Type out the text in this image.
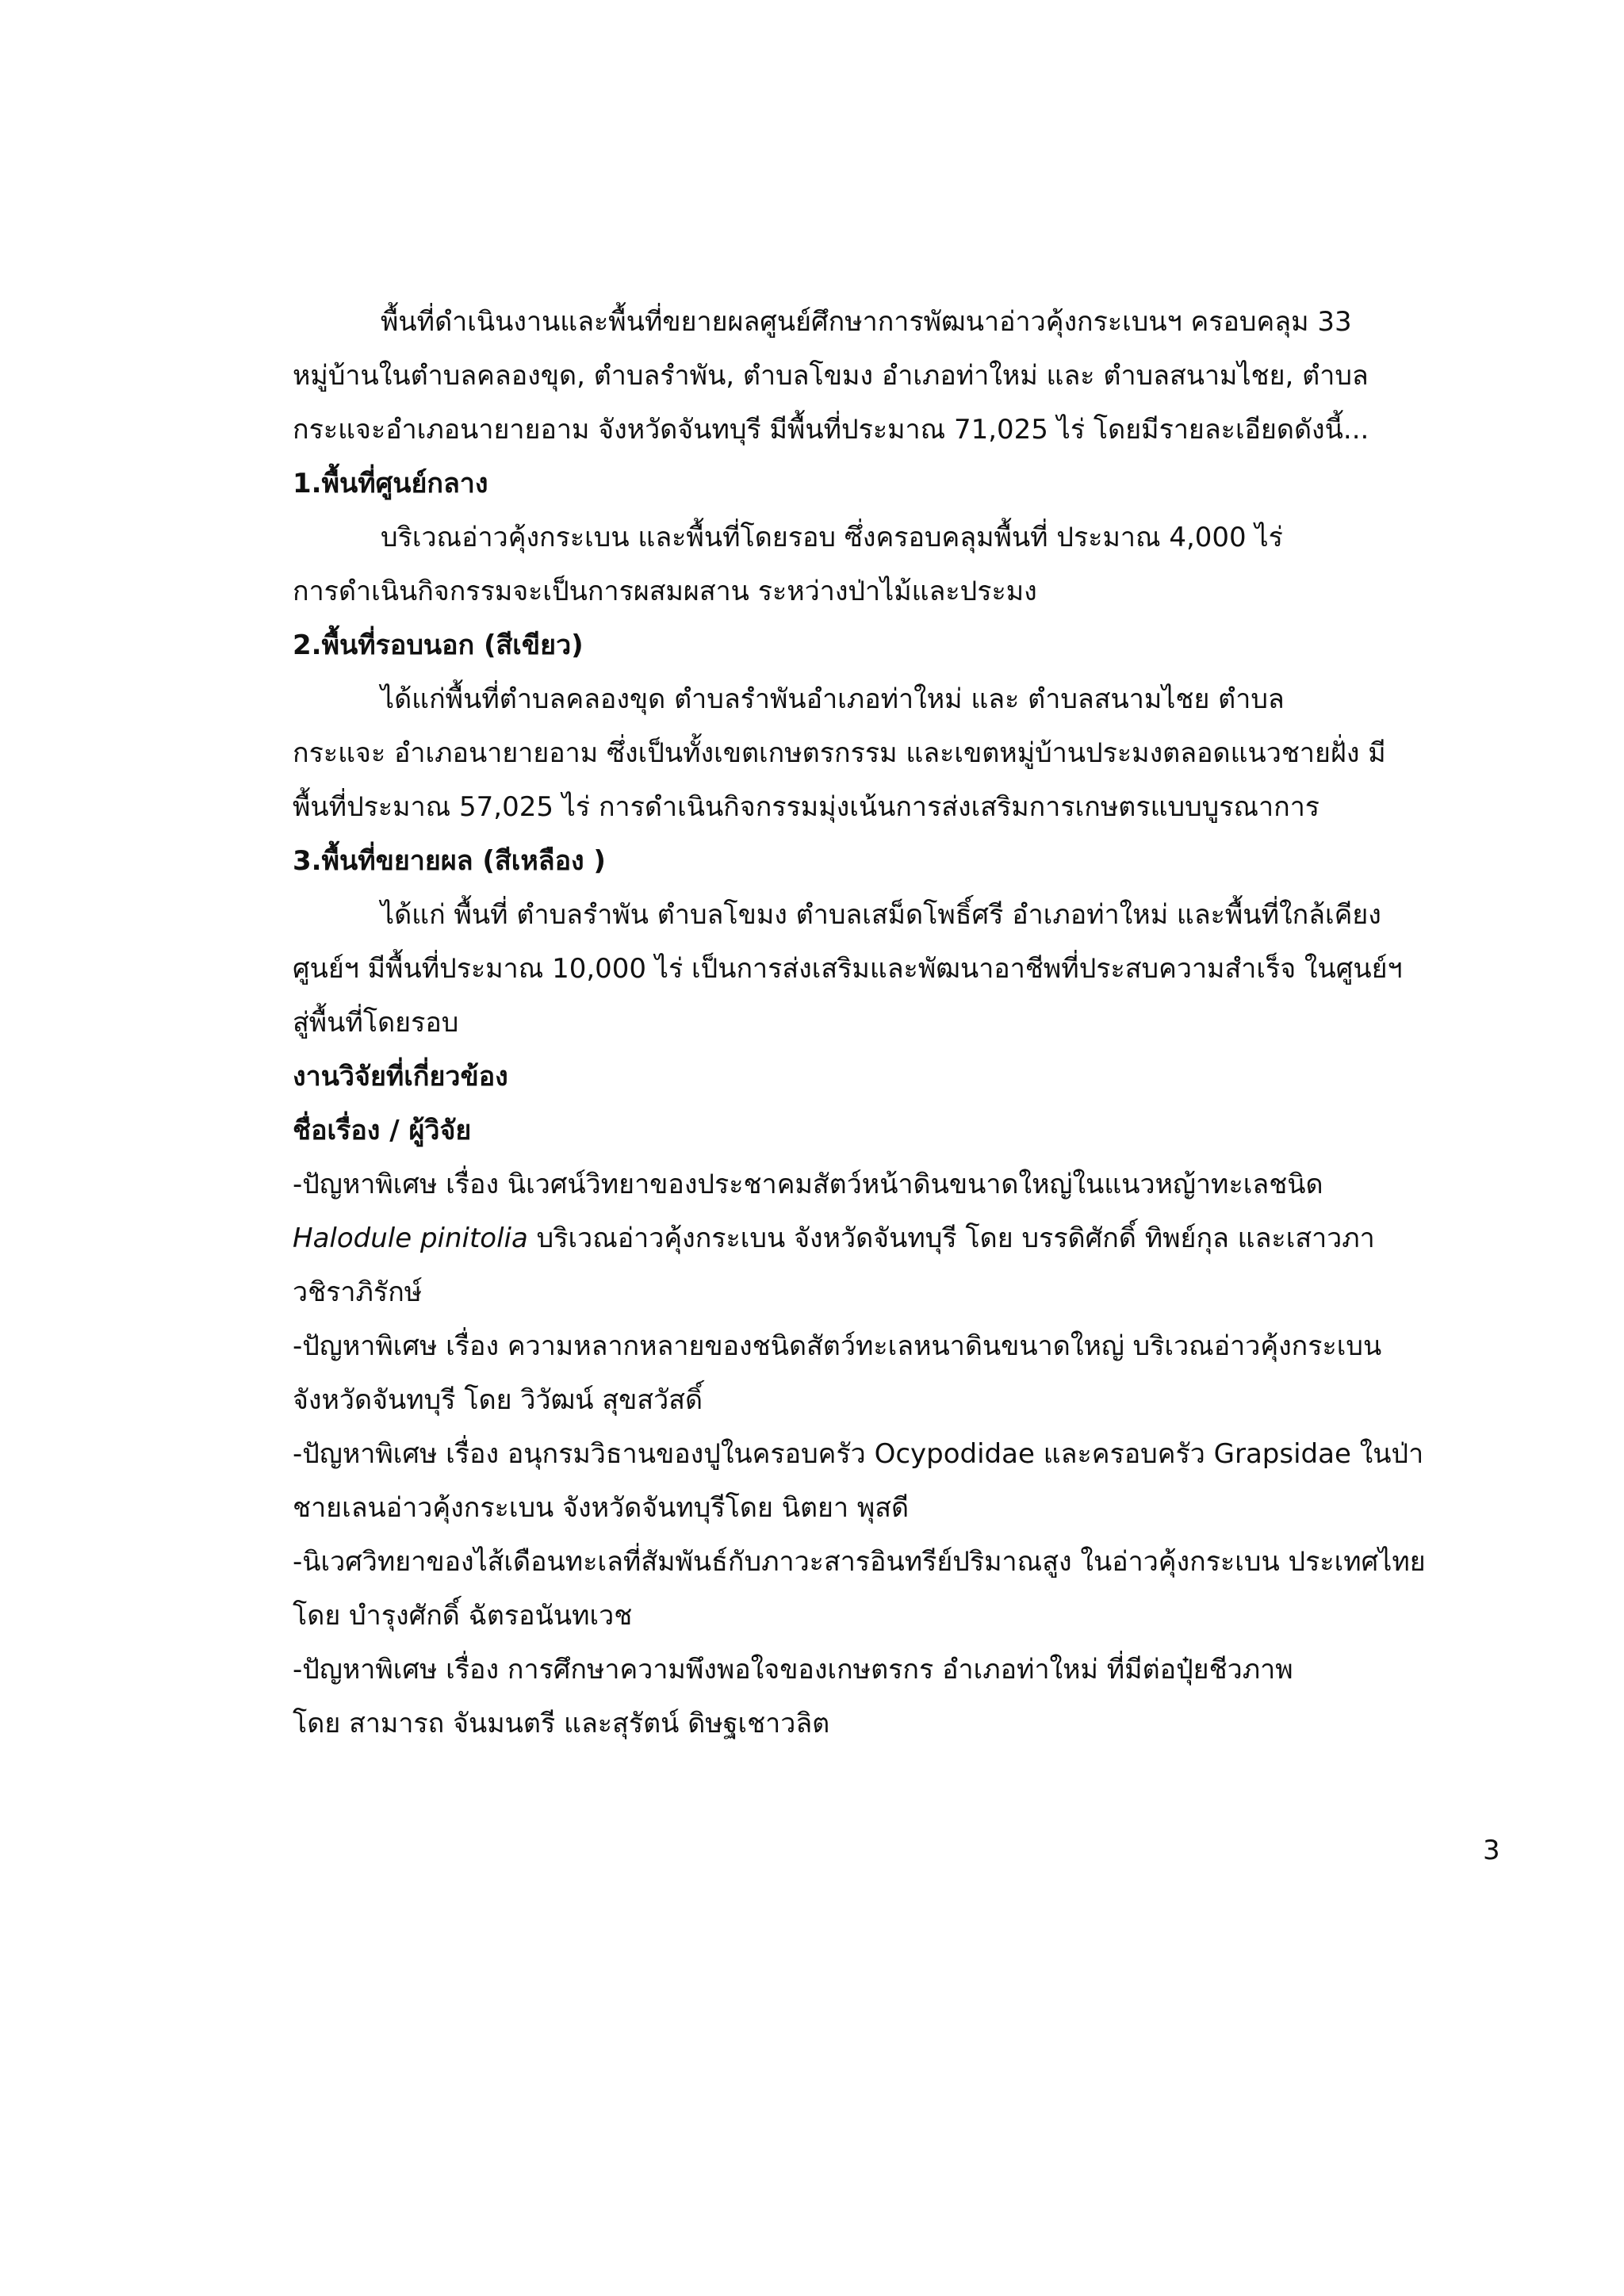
พื้นที่ดำเนินงานและพื้นที่ขยายผลศูนย์ศึกษาการพัฒนาอ่าวคุ้งกระเบนฯ ครอบคลุม 33

หมู่บ้านในตำบลคลองขุด, ตำบลรำพัน, ตำบลโขมง อำเภอท่าใหม่ และ ตำบลสนามไชย, ตำบล

กระแจะอำเภอนายายอาม จังหวัดจันทบุรี มีพื้นที่ประมาณ 71,025 ไร่ โดยมีรายละเอียดดังนี้...

1.พื้นที่ศูนย์กลาง

บริเวณอ่าวคุ้งกระเบน และพื้นที่โดยรอบ ซึ่งครอบคลุมพื้นที่ ประมาณ 4,000 ไร่

การดำเนินกิจกรรมจะเป็นการผสมผสาน ระหว่างป่าไม้และประมง

2.พื้นที่รอบนอก (สีเขียว)

ได้แก่พื้นที่ตำบลคลองขุด ตำบลรำพันอำเภอท่าใหม่ และ ตำบลสนามไชย ตำบล

กระแจะ อำเภอนายายอาม ซึ่งเป็นทั้งเขตเกษตรกรรม และเขตหมู่บ้านประมงตลอดแนวชายฝั่ง มี

พื้นที่ประมาณ 57,025 ไร่ การดำเนินกิจกรรมมุ่งเน้นการส่งเสริมการเกษตรแบบบูรณาการ

3.พื้นที่ขยายผล (สีเหลือง )

ได้แก่ พื้นที่ ตำบลรำพัน ตำบลโขมง ตำบลเสม็ดโพธิ์ศรี อำเภอท่าใหม่ และพื้นที่ใกล้เคียง

ศูนย์ฯ มีพื้นที่ประมาณ 10,000 ไร่ เป็นการส่งเสริมและพัฒนาอาชีพที่ประสบความสำเร็จ ในศูนย์ฯ

สู่พื้นที่โดยรอบ

งานวิจัยที่เกี่ยวข้อง

ชื่อเรื่อง / ผู้วิจัย

-ปัญหาพิเศษ เรื่อง นิเวศน์วิทยาของประชาคมสัตว์หน้าดินขนาดใหญ่ในแนวหญ้าทะเลชนิด

Halodule pinitolia บริเวณอ่าวคุ้งกระเบน จังหวัดจันทบุรี โดย บรรดิศักดิ์ ทิพย์กุล และเสาวภา

วชิราภิรักษ์

-ปัญหาพิเศษ เรื่อง ความหลากหลายของชนิดสัตว์ทะเลหนาดินขนาดใหญ่ บริเวณอ่าวคุ้งกระเบน

จังหวัดจันทบุรี โดย วิวัฒน์ สุขสวัสดิ์

-ปัญหาพิเศษ เรื่อง อนุกรมวิธานของปูในครอบครัว Ocypodidae และครอบครัว Grapsidae ในป่า

ชายเลนอ่าวคุ้งกระเบน จังหวัดจันทบุรีโดย นิตยา พุสดี

-นิเวศวิทยาของไส้เดือนทะเลที่สัมพันธ์กับภาวะสารอินทรีย์ปริมาณสูง ในอ่าวคุ้งกระเบน ประเทศไทย

โดย บำรุงศักดิ์ ฉัตรอนันทเวช

-ปัญหาพิเศษ เรื่อง การศึกษาความพึงพอใจของเกษตรกร อำเภอท่าใหม่ ที่มีต่อปุ๋ยชีวภาพ

โดย สามารถ จันมนตรี และสุรัตน์ ดิษฐเชาวลิต

3
